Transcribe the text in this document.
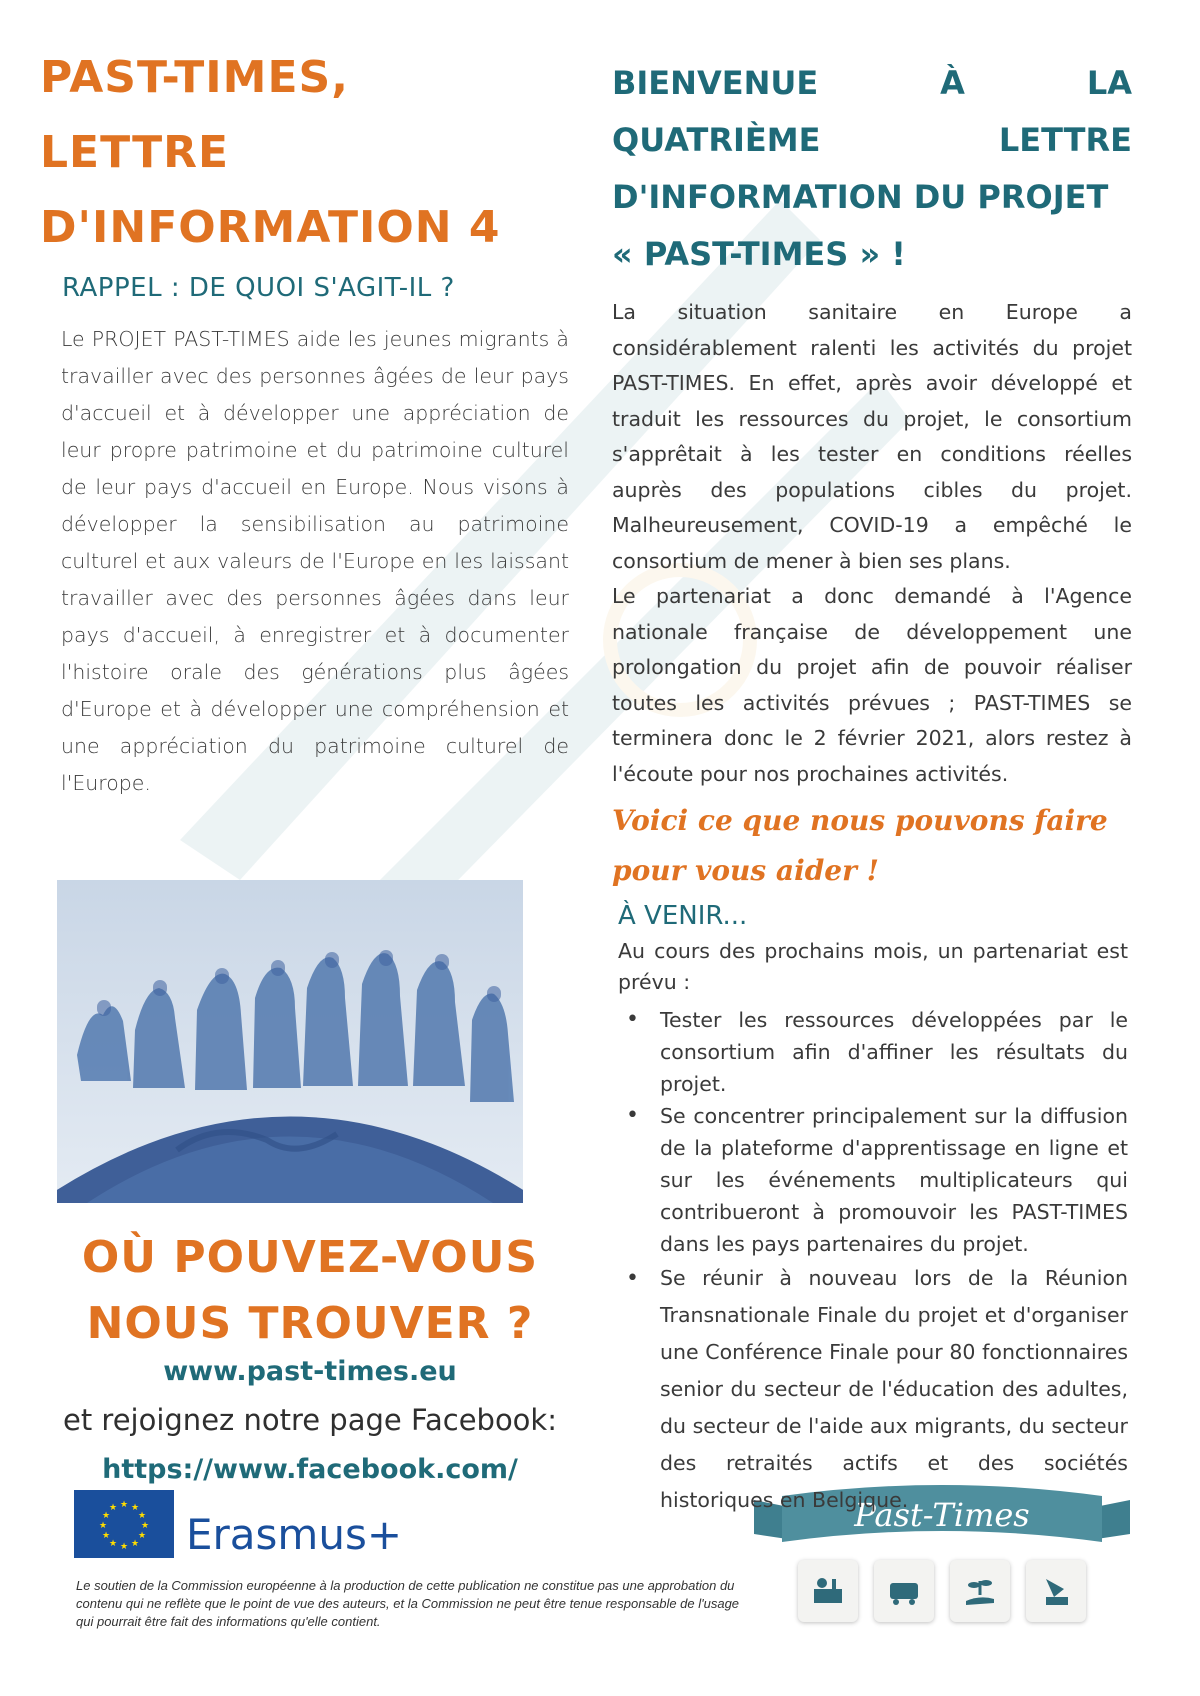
PAST-TIMES,
LETTRE
D'INFORMATION 4
RAPPEL : DE QUOI S'AGIT-IL ?

Le PROJET PAST-TIMES aide les jeunes migrants à travailler avec des personnes âgées de leur pays d'accueil et à développer une appréciation de leur propre patrimoine et du patrimoine culturel de leur pays d'accueil en Europe. Nous visons à développer la sensibilisation au patrimoine culturel et aux valeurs de l'Europe en les laissant travailler avec des personnes âgées dans leur pays d'accueil, à enregistrer et à documenter l'histoire orale des générations plus âgées d'Europe et à développer une compréhension et une appréciation du patrimoine culturel de l'Europe.

OÙ POUVEZ-VOUS
NOUS TROUVER ?
www.past-times.eu
et rejoignez notre page Facebook:
https://www.facebook.com/
★ ★
★
★
★
★
★
★
★
★
★
★
Erasmus+
Le soutien de la Commission européenne à la production de cette publication ne constitue pas une approbation du contenu qui ne reflète que le point de vue des auteurs, et la Commission ne peut être tenue responsable de l'usage qui pourrait être fait des informations qu'elle contient.
BIENVENUE	À	LA
QUATRIÈME	LETTRE
D'INFORMATION DU PROJET
« PAST-TIMES » !

La situation sanitaire en Europe a considérablement ralenti les activités du projet PAST-TIMES. En effet, après avoir développé et traduit les ressources du projet, le consortium s'apprêtait à les tester en conditions réelles auprès des populations cibles du projet. Malheureusement, COVID-19 a empêché le consortium de mener à bien ses plans.
Le partenariat a donc demandé à l'Agence nationale française de développement une prolongation du projet afin de pouvoir réaliser toutes les activités prévues ; PAST-TIMES se terminera donc le 2 février 2021, alors restez à l'écoute pour nos prochaines activités.

Voici ce que nous pouvons faire pour vous aider !
À VENIR...

Au cours des prochains mois, un partenariat est prévu :

• Tester les ressources développées par le consortium afin d'affiner les résultats du projet.
• Se concentrer principalement sur la diffusion de la plateforme d'apprentissage en ligne et sur les événements multiplicateurs qui contribueront à promouvoir les PAST-TIMES dans les pays partenaires du projet.
• Se réunir à nouveau lors de la Réunion Transnationale Finale du projet et d'organiser une Conférence Finale pour 80 fonctionnaires senior du secteur de l'éducation des adultes, du secteur de l'aide aux migrants, du secteur des retraités actifs et des sociétés historiques en Belgique.
Past-Times
